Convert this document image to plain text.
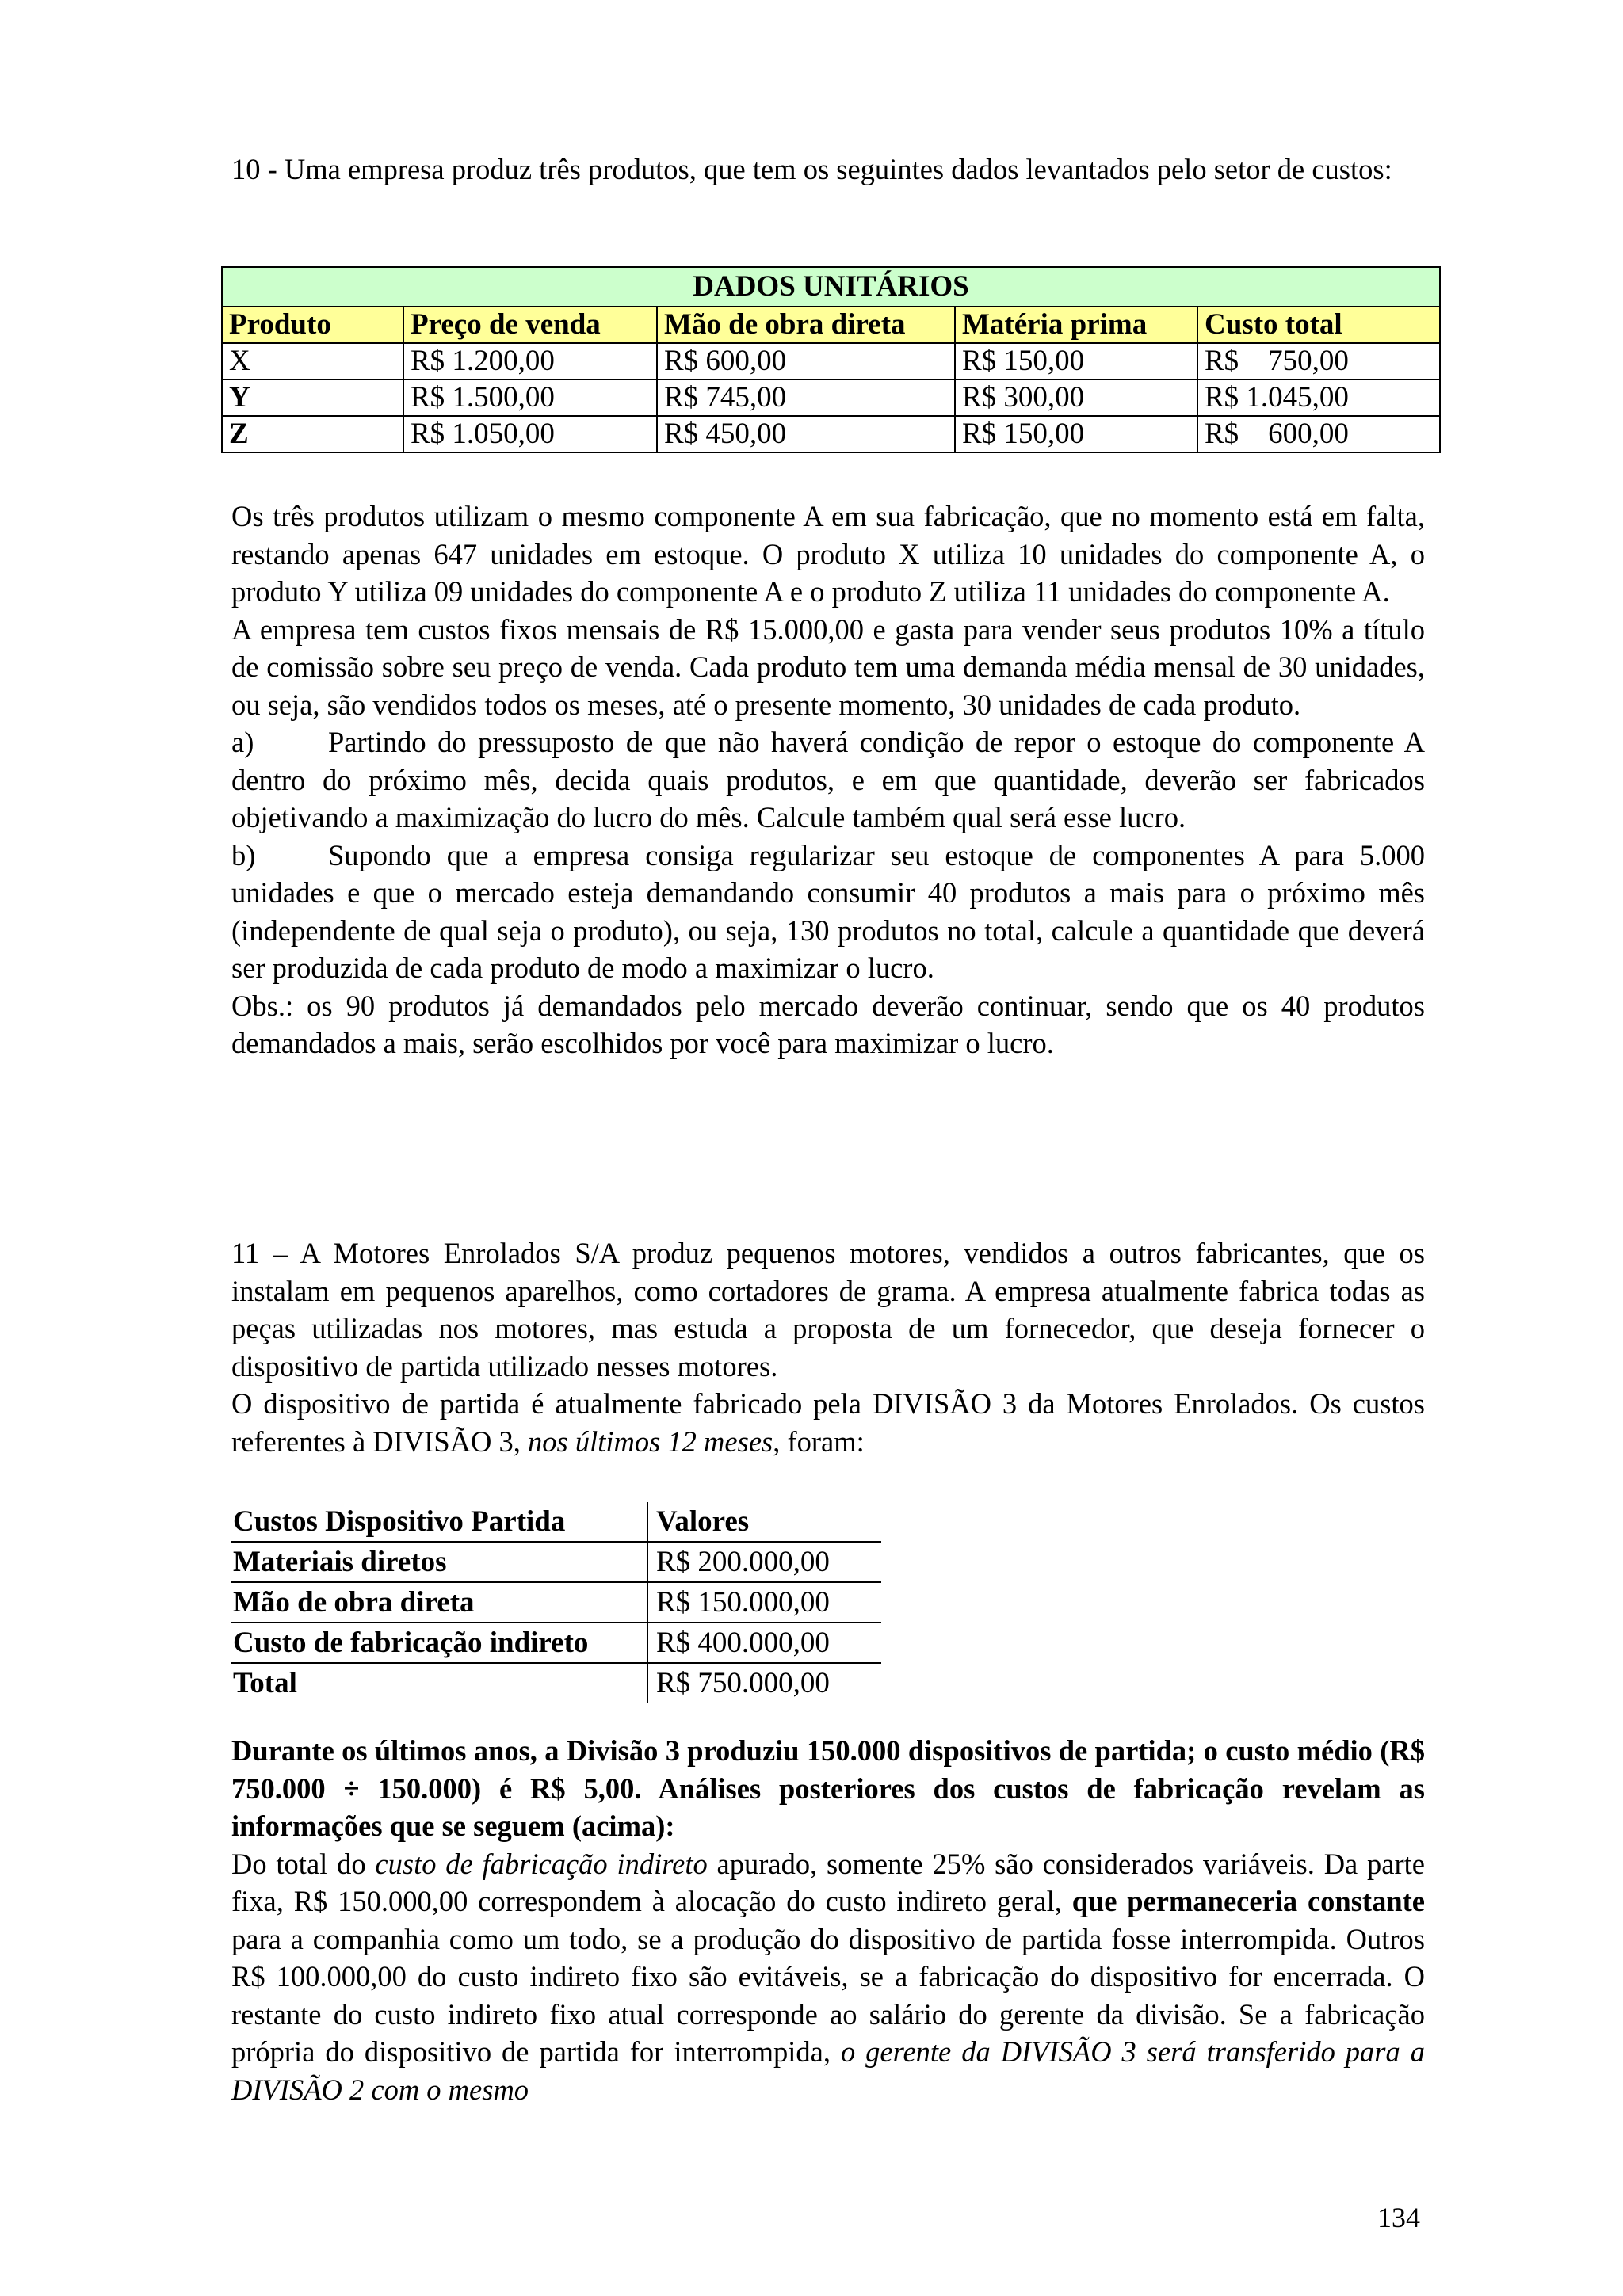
10 - Uma empresa produz três produtos, que tem os seguintes dados levantados pelo setor de custos:

DADOS UNITÁRIOS				
Produto	Preço de venda	Mão de obra direta	Matéria prima	Custo total
X	R$ 1.200,00	R$ 600,00	R$ 150,00	R$    750,00
Y	R$ 1.500,00	R$ 745,00	R$ 300,00	R$ 1.045,00
Z	R$ 1.050,00	R$ 450,00	R$ 150,00	R$    600,00

Os três produtos utilizam o mesmo componente A em sua fabricação, que no momento está em falta, restando apenas 647 unidades em estoque. O produto X utiliza 10 unidades do componente A, o produto Y utiliza 09 unidades do componente A e o produto Z utiliza 11 unidades do componente A.

A empresa tem custos fixos mensais de R$ 15.000,00 e gasta para vender seus produtos 10% a título de comissão sobre seu preço de venda. Cada produto tem uma demanda média mensal de 30 unidades, ou seja, são vendidos todos os meses, até o presente momento, 30 unidades de cada produto.

a)	Partindo do pressuposto de que não haverá condição de repor o estoque do componente A dentro do próximo mês, decida quais produtos, e em que quantidade, deverão ser fabricados objetivando a maximização do lucro do mês. Calcule também qual será esse lucro.

b)	Supondo que a empresa consiga regularizar seu estoque de componentes A para 5.000 unidades e que o mercado esteja demandando consumir 40 produtos a mais para o próximo mês (independente de qual seja o produto), ou seja, 130 produtos no total, calcule a quantidade que deverá ser produzida de cada produto de modo a maximizar o lucro.

Obs.: os 90 produtos já demandados pelo mercado deverão continuar, sendo que os 40 produtos demandados a mais, serão escolhidos por você para maximizar o lucro.

11 – A Motores Enrolados S/A produz pequenos motores, vendidos a outros fabricantes, que os instalam em pequenos aparelhos, como cortadores de grama. A empresa atualmente fabrica todas as peças utilizadas nos motores, mas estuda a proposta de um fornecedor, que deseja fornecer o dispositivo de partida utilizado nesses motores.

O dispositivo de partida é atualmente fabricado pela DIVISÃO 3 da Motores Enrolados. Os custos referentes à DIVISÃO 3, nos últimos 12 meses, foram:

Custos Dispositivo Partida	Valores
Materiais diretos	R$ 200.000,00
Mão de obra direta	R$ 150.000,00
Custo de fabricação indireto	R$ 400.000,00
Total	R$ 750.000,00

Durante os últimos anos, a Divisão 3 produziu 150.000 dispositivos de partida; o custo médio (R$ 750.000 ÷ 150.000) é R$ 5,00. Análises posteriores dos custos de fabricação revelam as informações que se seguem (acima):

Do total do custo de fabricação indireto apurado, somente 25% são considerados variáveis. Da parte fixa, R$ 150.000,00 correspondem à alocação do custo indireto geral, que permaneceria constante para a companhia como um todo, se a produção do dispositivo de partida fosse interrompida. Outros R$ 100.000,00 do custo indireto fixo são evitáveis, se a fabricação do dispositivo for encerrada. O restante do custo indireto fixo atual corresponde ao salário do gerente da divisão. Se a fabricação própria do dispositivo de partida for interrompida, o gerente da DIVISÃO 3 será transferido para a DIVISÃO 2 com o mesmo

134
